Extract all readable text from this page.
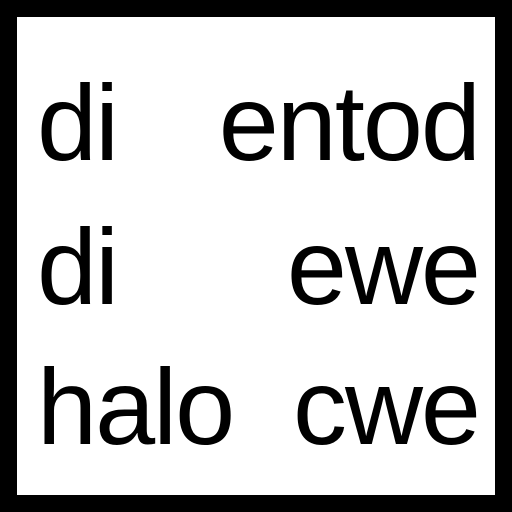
di entod
di ewe
halo cwe
